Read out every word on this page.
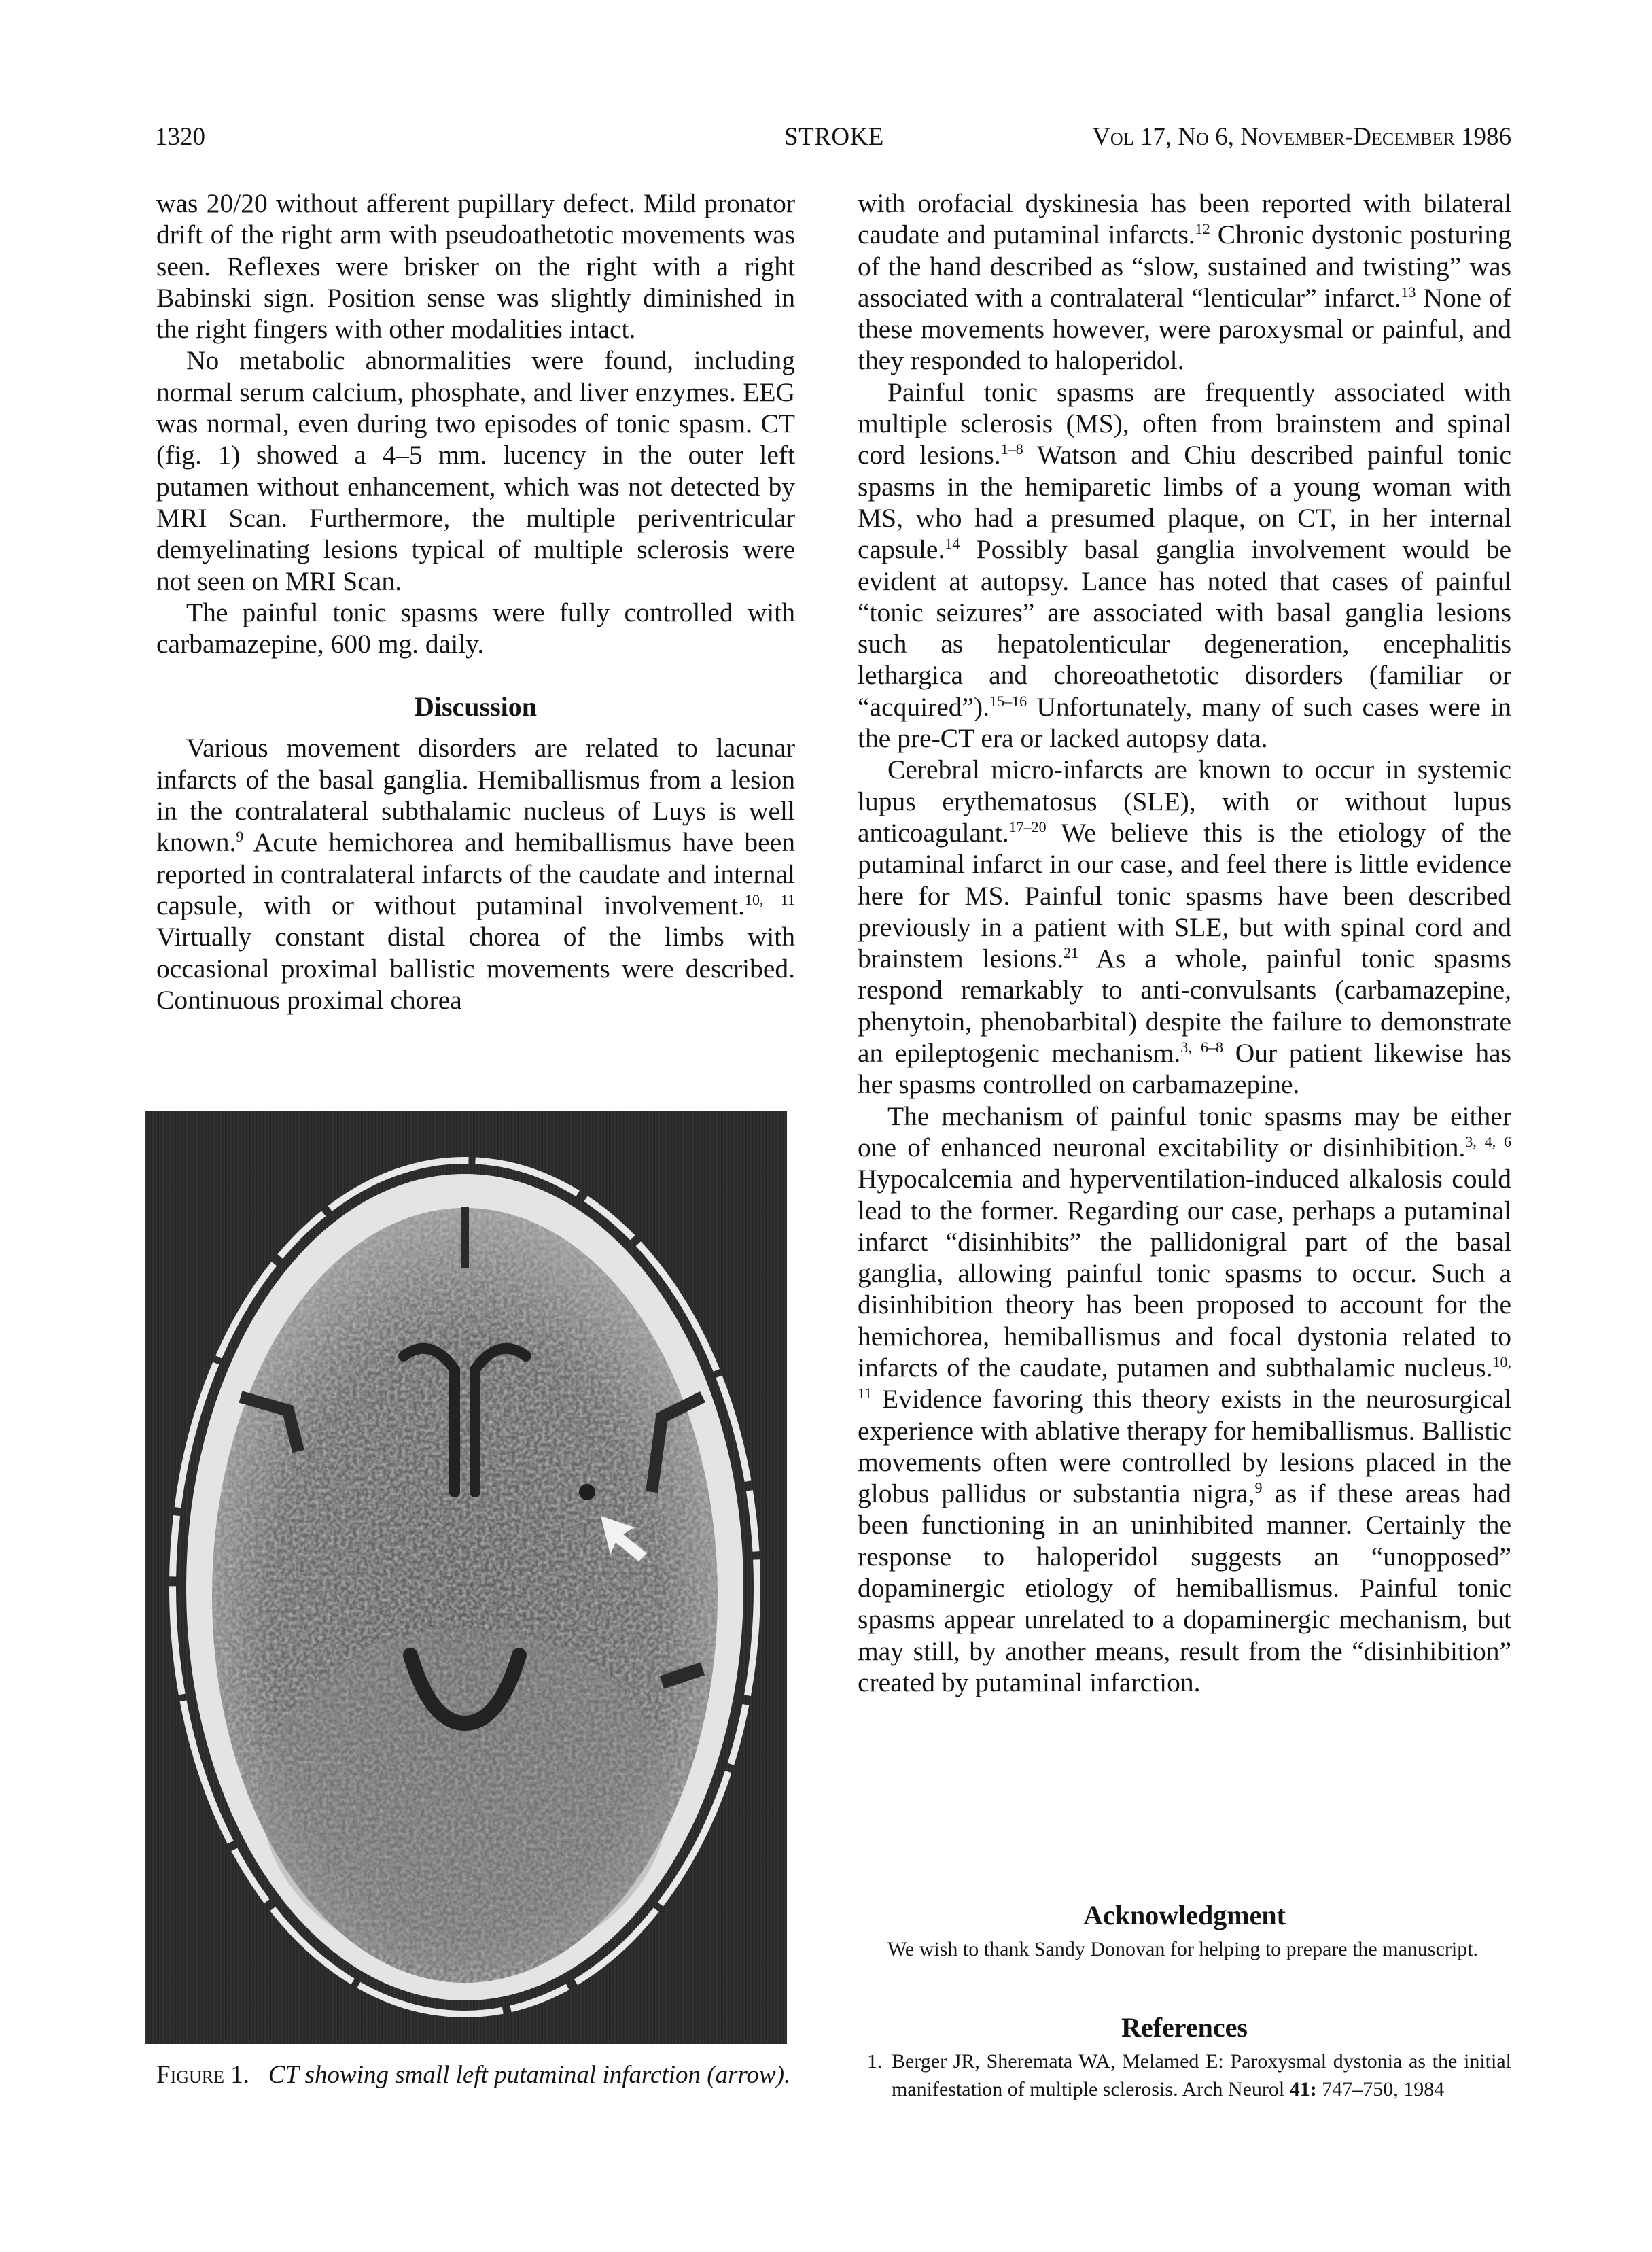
1320	STROKE	Vol 17, No 6, November-December 1986

was 20/20 without afferent pupillary defect. Mild pronator drift of the right arm with pseudoathetotic movements was seen. Reflexes were brisker on the right with a right Babinski sign. Position sense was slightly diminished in the right fingers with other modalities intact.

No metabolic abnormalities were found, including normal serum calcium, phosphate, and liver enzymes. EEG was normal, even during two episodes of tonic spasm. CT (fig. 1) showed a 4–5 mm. lucency in the outer left putamen without enhancement, which was not detected by MRI Scan. Furthermore, the multiple periventricular demyelinating lesions typical of multiple sclerosis were not seen on MRI Scan.

The painful tonic spasms were fully controlled with carbamazepine, 600 mg. daily.

Discussion

Various movement disorders are related to lacunar infarcts of the basal ganglia. Hemiballismus from a lesion in the contralateral subthalamic nucleus of Luys is well known.$^9$ Acute hemichorea and hemiballismus have been reported in contralateral infarcts of the caudate and internal capsule, with or without putaminal involvement.$^{10, 11}$ Virtually constant distal chorea of the limbs with occasional proximal ballistic movements were described. Continuous proximal chorea

Figure 1. CT showing small left putaminal infarction (arrow).

with orofacial dyskinesia has been reported with bilateral caudate and putaminal infarcts.$^{12}$ Chronic dystonic posturing of the hand described as “slow, sustained and twisting” was associated with a contralateral “lenticular” infarct.$^{13}$ None of these movements however, were paroxysmal or painful, and they responded to haloperidol.

Painful tonic spasms are frequently associated with multiple sclerosis (MS), often from brainstem and spinal cord lesions.$^{1-8}$ Watson and Chiu described painful tonic spasms in the hemiparetic limbs of a young woman with MS, who had a presumed plaque, on CT, in her internal capsule.$^{14}$ Possibly basal ganglia involvement would be evident at autopsy. Lance has noted that cases of painful “tonic seizures” are associated with basal ganglia lesions such as hepatolenticular degeneration, encephalitis lethargica and choreoathetotic disorders (familiar or “acquired”).$^{15-16}$ Unfortunately, many of such cases were in the pre-CT era or lacked autopsy data.

Cerebral micro-infarcts are known to occur in systemic lupus erythematosus (SLE), with or without lupus anticoagulant.$^{17-20}$ We believe this is the etiology of the putaminal infarct in our case, and feel there is little evidence here for MS. Painful tonic spasms have been described previously in a patient with SLE, but with spinal cord and brainstem lesions.$^{21}$ As a whole, painful tonic spasms respond remarkably to anti-convulsants (carbamazepine, phenytoin, phenobarbital) despite the failure to demonstrate an epileptogenic mechanism.$^{3, 6-8}$ Our patient likewise has her spasms controlled on carbamazepine.

The mechanism of painful tonic spasms may be either one of enhanced neuronal excitability or disinhibition.$^{3, 4, 6}$ Hypocalcemia and hyperventilation-induced alkalosis could lead to the former. Regarding our case, perhaps a putaminal infarct “disinhibits” the pallidonigral part of the basal ganglia, allowing painful tonic spasms to occur. Such a disinhibition theory has been proposed to account for the hemichorea, hemiballismus and focal dystonia related to infarcts of the caudate, putamen and subthalamic nucleus.$^{10, 11}$ Evidence favoring this theory exists in the neurosurgical experience with ablative therapy for hemiballismus. Ballistic movements often were controlled by lesions placed in the globus pallidus or substantia nigra,$^9$ as if these areas had been functioning in an uninhibited manner. Certainly the response to haloperidol suggests an “unopposed” dopaminergic etiology of hemiballismus. Painful tonic spasms appear unrelated to a dopaminergic mechanism, but may still, by another means, result from the “disinhibition” created by putaminal infarction.

Acknowledgment

We wish to thank Sandy Donovan for helping to prepare the manuscript.

References
1. Berger JR, Sheremata WA, Melamed E: Paroxysmal dystonia as the initial manifestation of multiple sclerosis. Arch Neurol 41: 747–750, 1984
